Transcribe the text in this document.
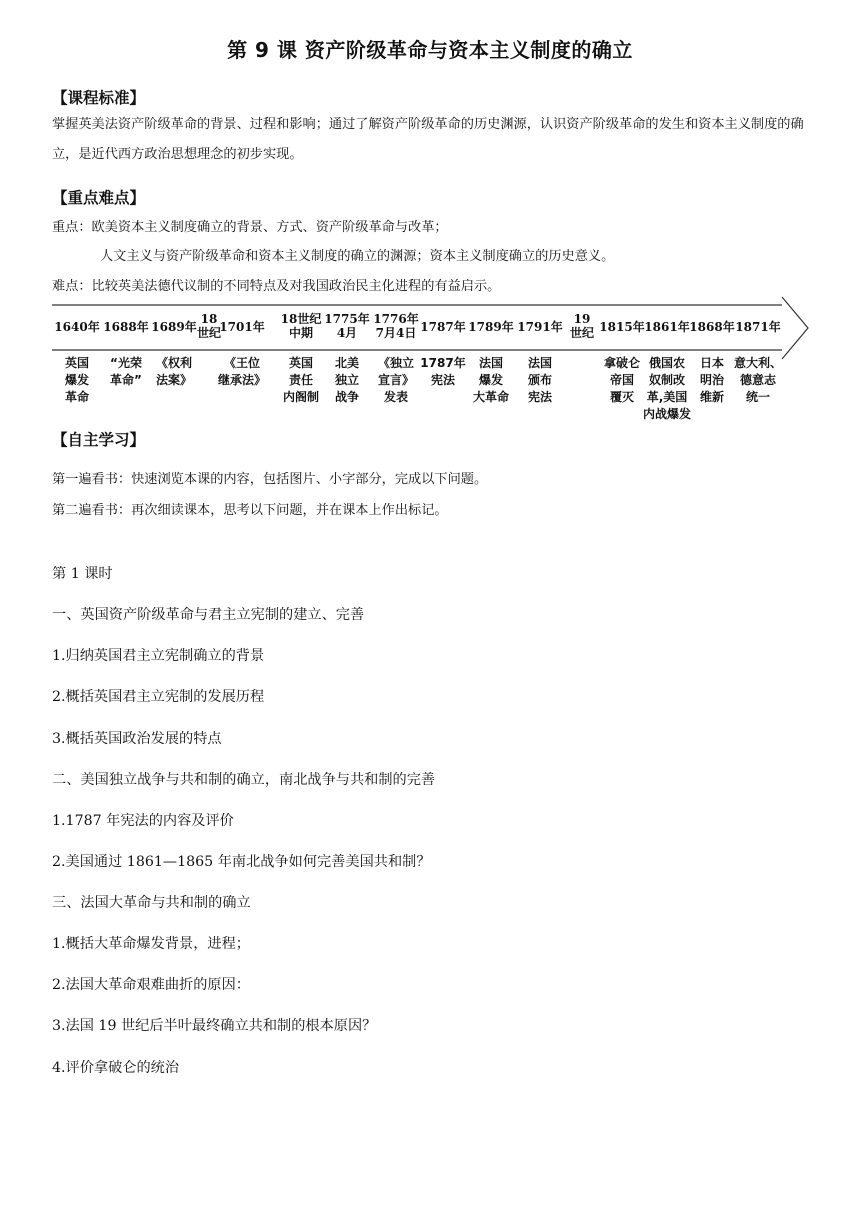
第 9 课 资产阶级革命与资本主义制度的确立
【课程标准】
掌握英美法资产阶级革命的背景、过程和影响；通过了解资产阶级革命的历史渊源，认识资产阶级革命的发生和资本主义制度的确立，是近代西方政治思想理念的初步实现。
【重点难点】
重点：欧美资本主义制度确立的背景、方式、资产阶级革命与改革；
人文主义与资产阶级革命和资本主义制度的确立的渊源；资本主义制度确立的历史意义。
难点：比较英美法德代议制的不同特点及对我国政治民主化进程的有益启示。
1640年
英国
爆发
革命
1688年
“光荣
革命”
1689年
《权利
法案》
18
世纪
1701年
《王位
继承法》
18世纪
中期
英国
责任
内阁制
1775年
4月
北美
独立
战争
1776年
7月4日
《独立
宣言》
发表
1787年
1787年
宪法
1789年
法国
爆发
大革命
1791年
法国
颁布
宪法
19
世纪 1815年
拿破仑
帝国
覆灭
1861年
俄国农
奴制改
革,美国
内战爆发
1868年
日本
明治
维新
1871年
意大利、
德意志
统一
【自主学习】
第一遍看书：快速浏览本课的内容，包括图片、小字部分，完成以下问题。
第二遍看书：再次细读课本，思考以下问题，并在课本上作出标记。
第 1 课时
一、英国资产阶级革命与君主立宪制的建立、完善
1.归纳英国君主立宪制确立的背景
2.概括英国君主立宪制的发展历程
3.概括英国政治发展的特点
二、美国独立战争与共和制的确立，南北战争与共和制的完善
1.1787 年宪法的内容及评价
2.美国通过 1861—1865 年南北战争如何完善美国共和制？
三、法国大革命与共和制的确立
1.概括大革命爆发背景，进程；
2.法国大革命艰难曲折的原因：
3.法国 19 世纪后半叶最终确立共和制的根本原因？
4.评价拿破仑的统治
